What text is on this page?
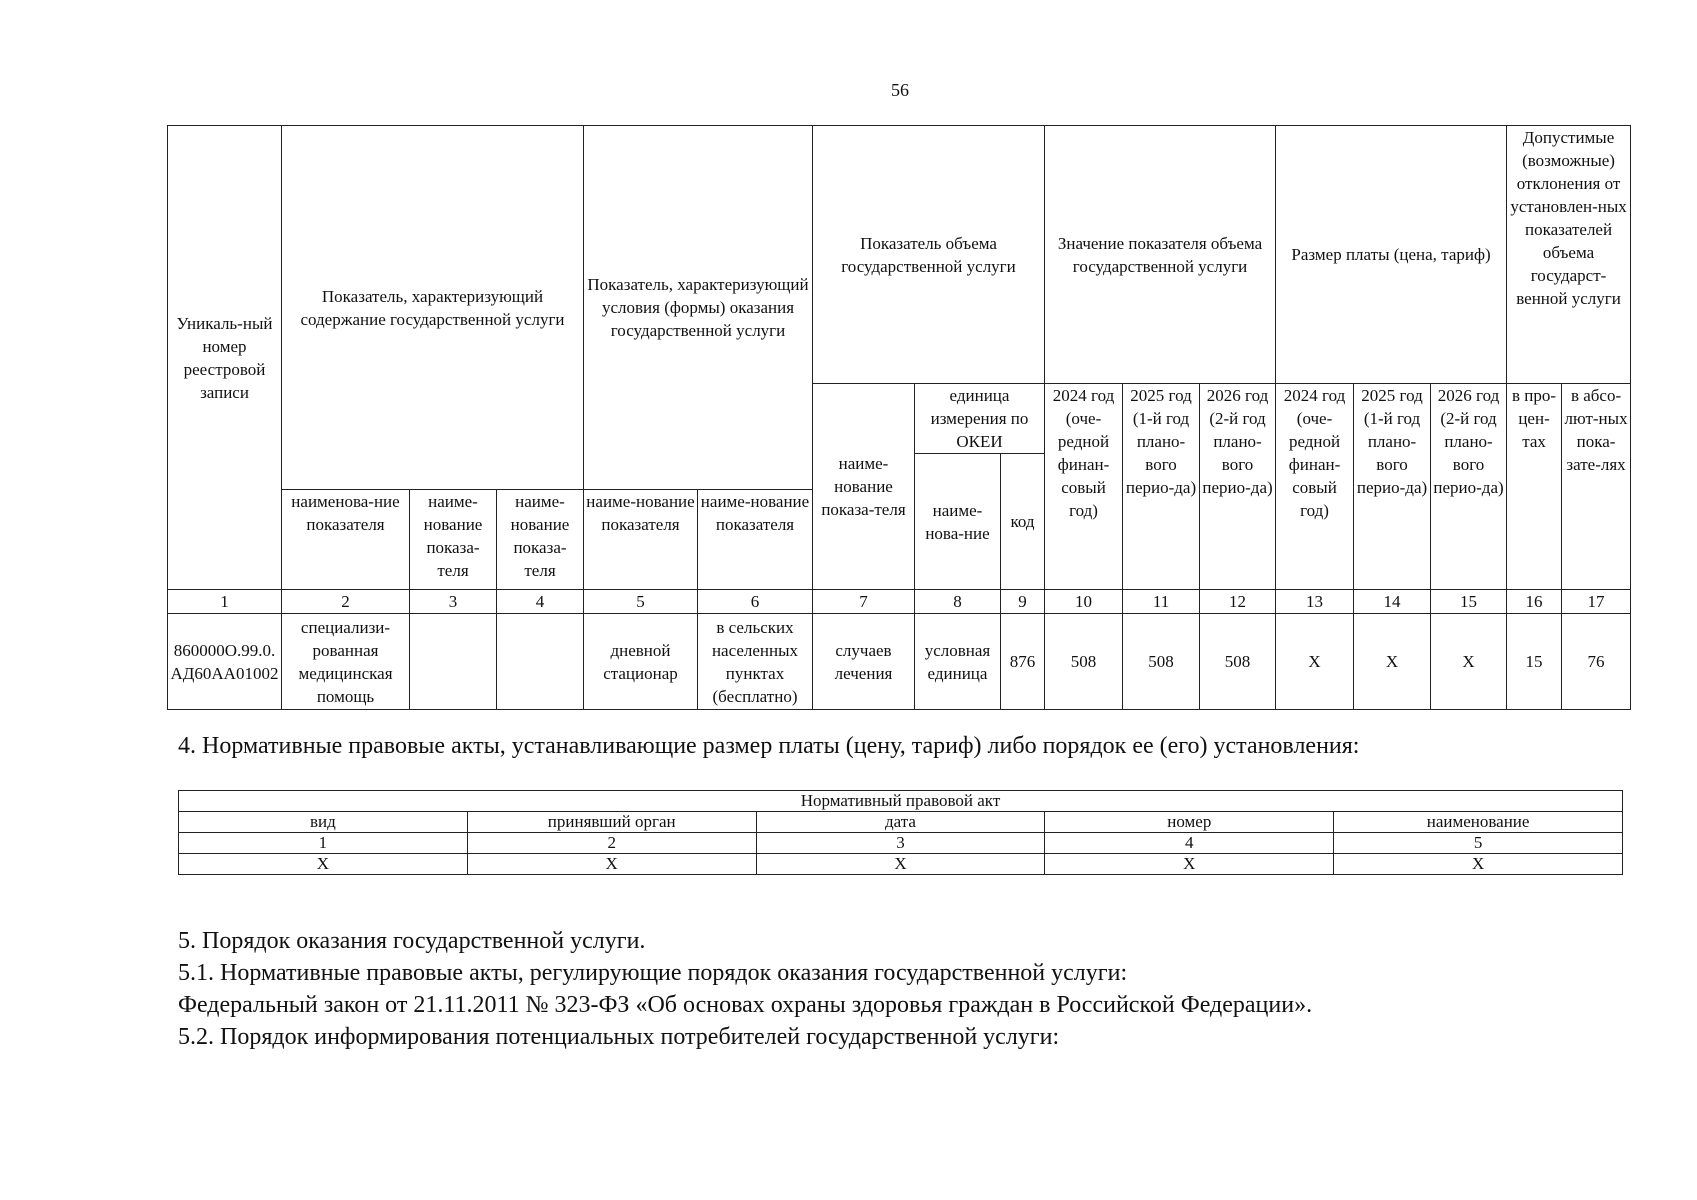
56
Уникаль-ный номер реестровой записи	Показатель, характеризующий содержание государственной услуги			Показатель, характеризующий условия (формы) оказания государственной услуги		Показатель объема государственной услуги			Значение показателя объема государственной услуги			Размер платы (цена, тариф)			Допустимые (возможные) отклонения от установлен-ных показателей объема государст-венной услуги	
						наиме-нование показа-теля	единица измерения по ОКЕИ		2024 год (оче-редной финан-совый год)	2025 год (1-й год плано-вого перио-да)	2026 год (2-й год плано-вого перио-да)	2024 год (оче-редной финан-совый год)	2025 год (1-й год плано-вого перио-да)	2026 год (2-й год плано-вого перио-да)	в про-цен-тах	в абсо-лют-ных пока-зате-лях
							наиме-нова-ние	код								
	наименова-ние показателя	наиме-нование показа-теля	наиме-нование показа-теля	наиме-нование показателя	наиме-нование показателя											
1	2	3	4	5	6	7	8	9	10	11	12	13	14	15	16	17
860000О.99.0.АД60АА01002	специализи-рованная медицинская помощь			дневной стационар	в сельских населенных пунктах (бесплатно)	случаев лечения	условная единица	876	508	508	508	Х	Х	Х	15	76
4. Нормативные правовые акты, устанавливающие размер платы (цену, тариф) либо порядок ее (его) установления:
Нормативный правовой акт				
вид	принявший орган	дата	номер	наименование
1	2	3	4	5
Х	Х	Х	Х	Х
5. Порядок оказания государственной услуги.
5.1. Нормативные правовые акты, регулирующие порядок оказания государственной услуги:
Федеральный закон от 21.11.2011 № 323-ФЗ «Об основах охраны здоровья граждан в Российской Федерации».
5.2. Порядок информирования потенциальных потребителей государственной услуги:
